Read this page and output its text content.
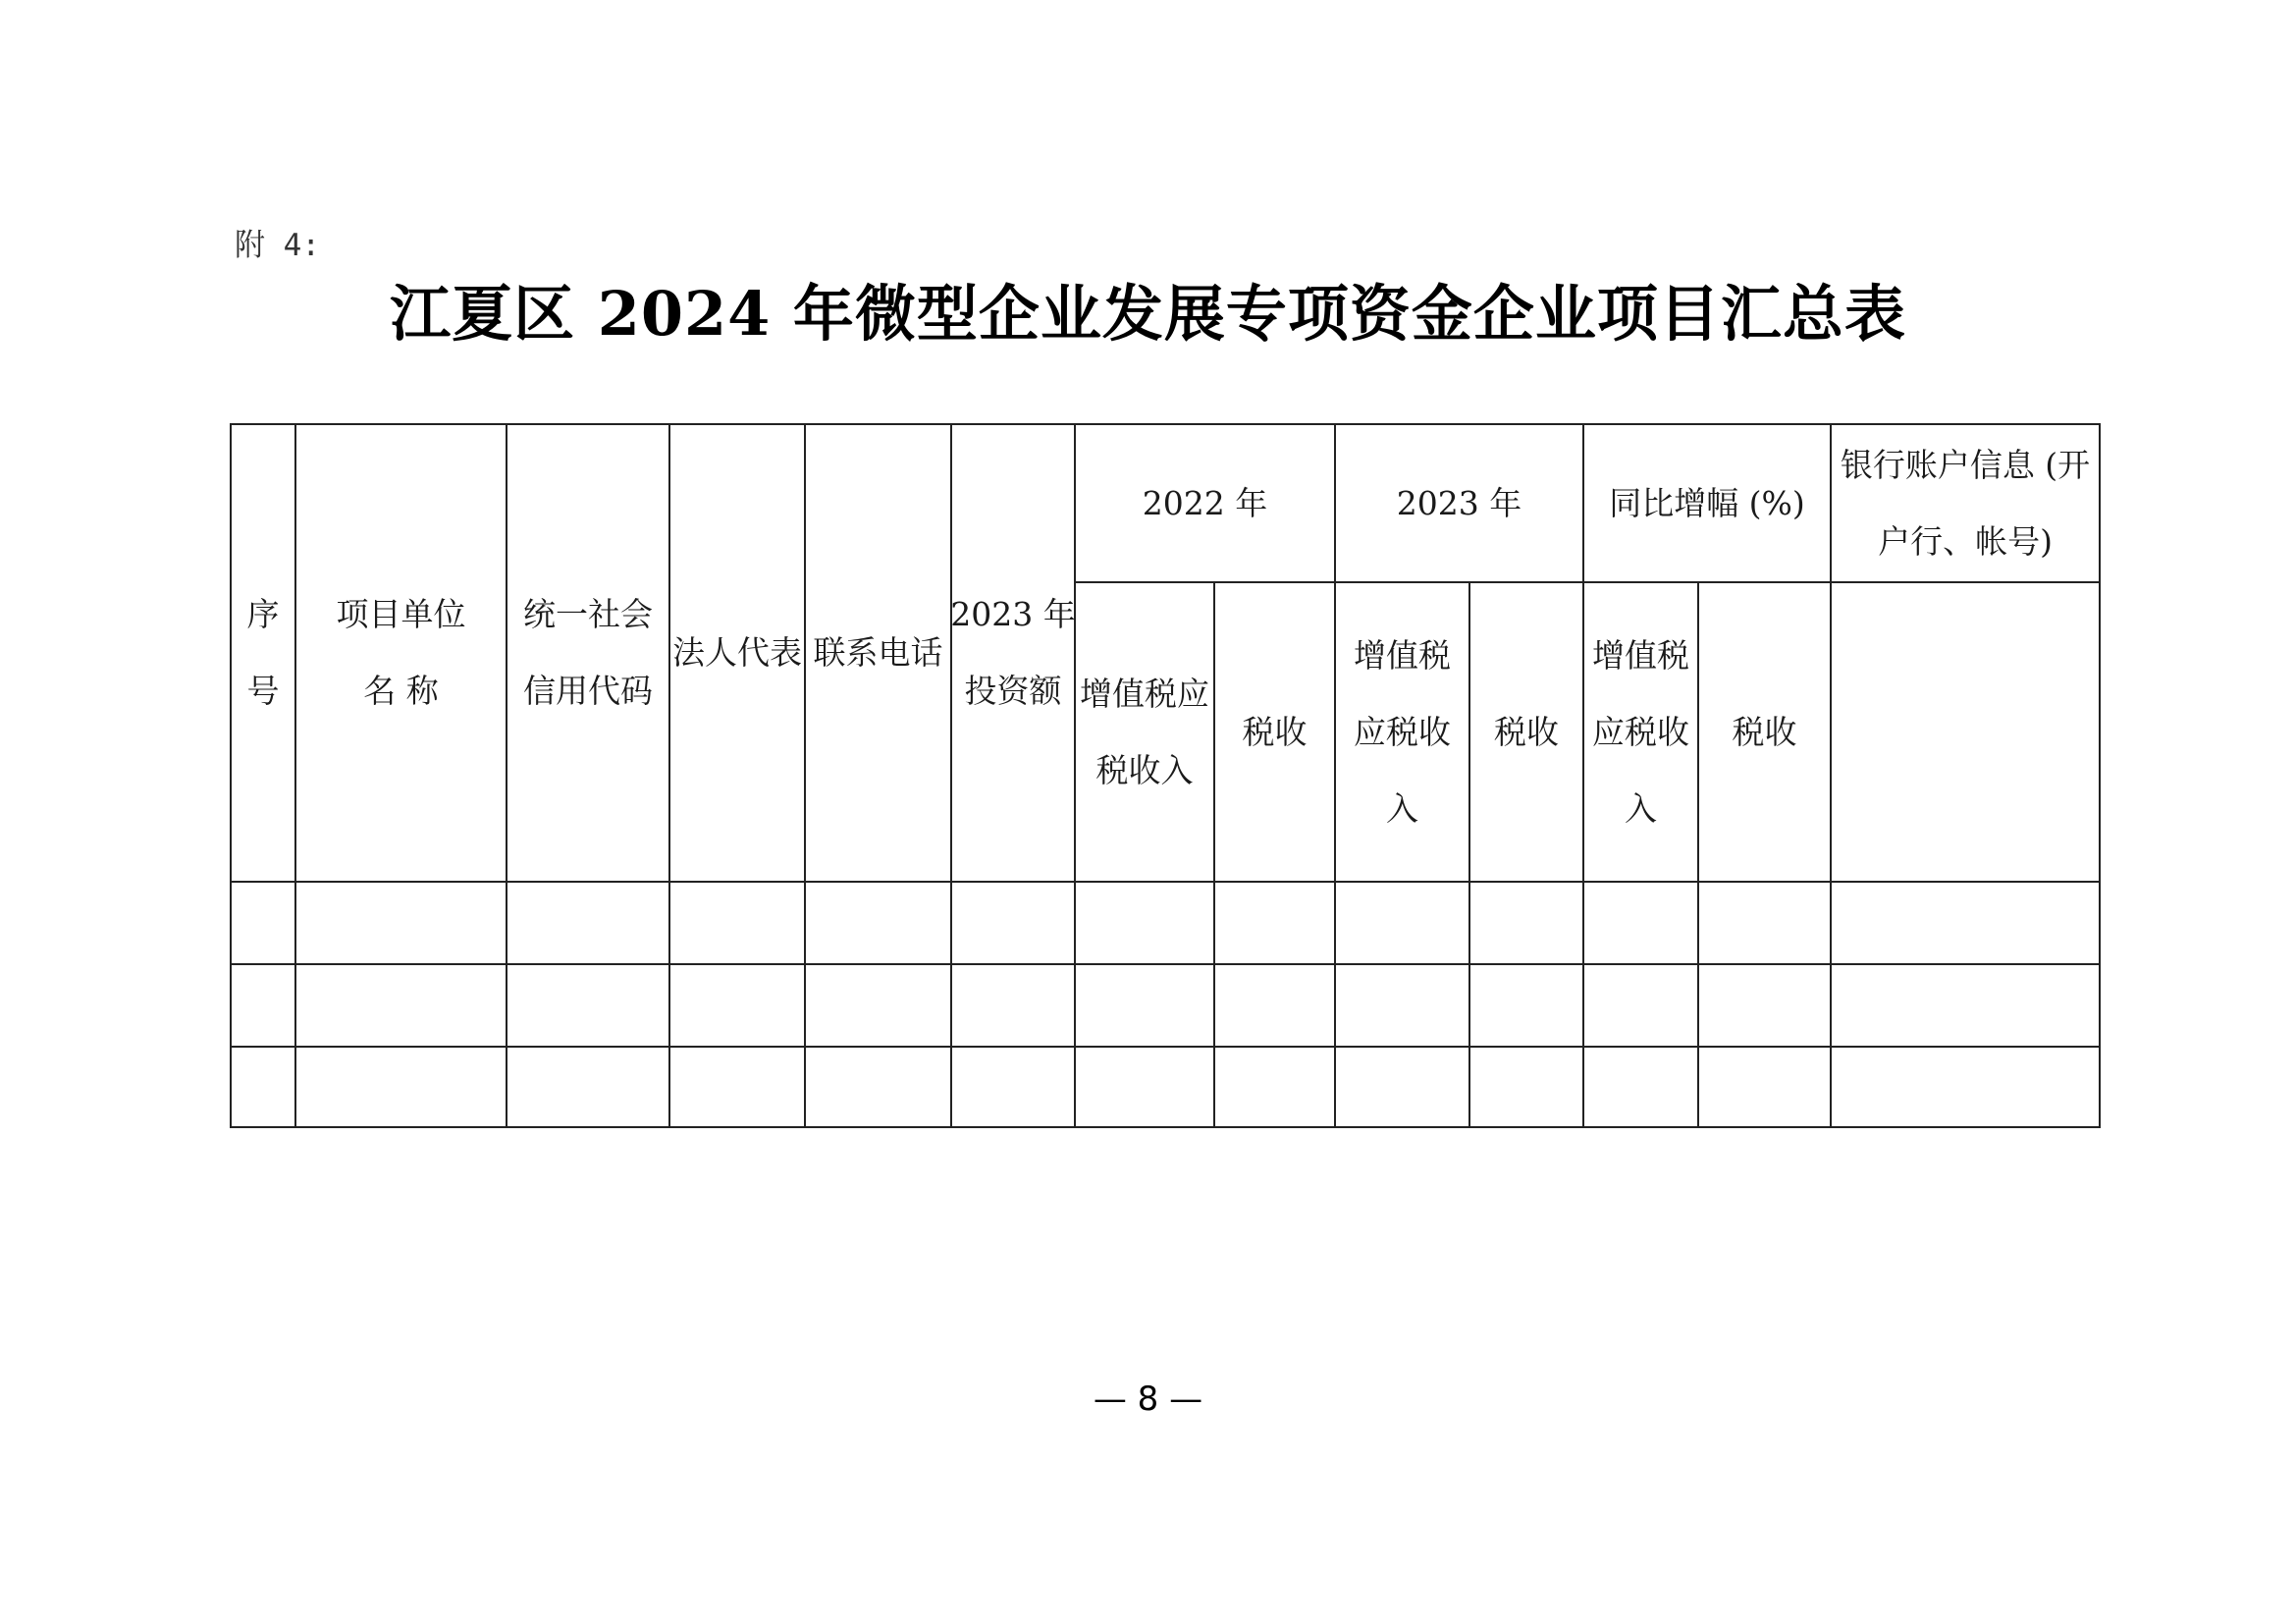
附 4:
江夏区 2024 年微型企业发展专项资金企业项目汇总表
序
号
项目单位
名 称
统一社会
信用代码
法人代表 联系电话
2023 年
投资额
2022 年	2023 年	同比增幅 (%)
银行账户信息 (开
户行、帐号)
增值税应
税收入
税收
增值税
应税收
入
税收
增值税
应税收
入
税收
— 8 —
